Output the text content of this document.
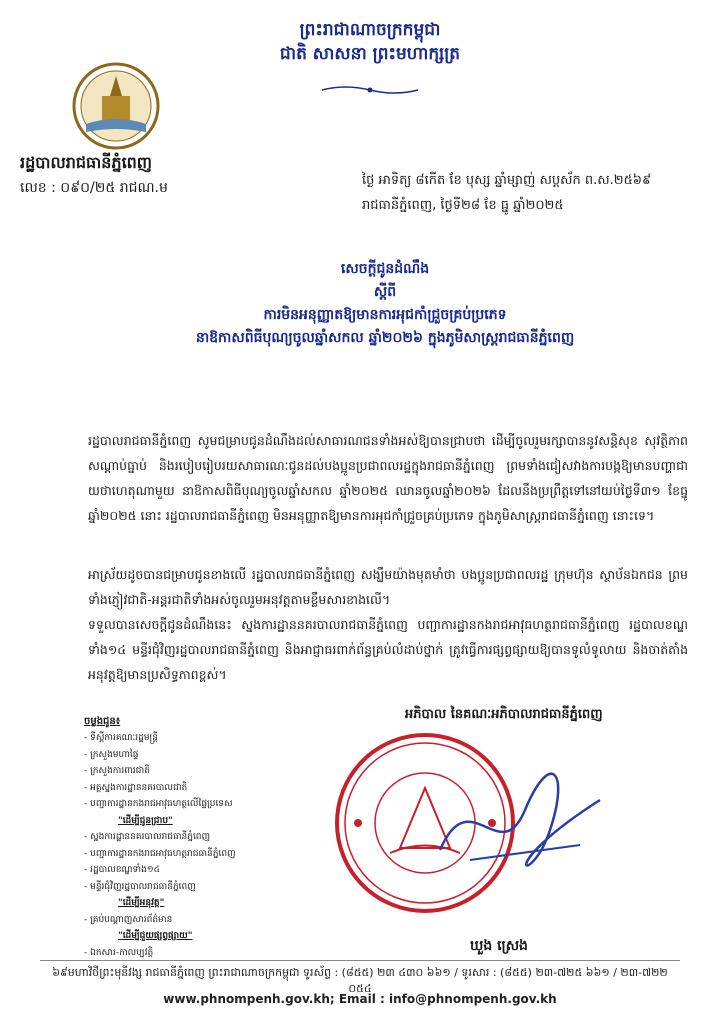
ព្រះរាជាណាចក្រកម្ពុជា
ជាតិ សាសនា ព្រះមហាក្សត្រ
រដ្ឋបាលរាជធានីភ្នំពេញ
លេខ : ០៩០/២៥ រាជណ.ម	ថ្ងៃ អាទិត្យ ៨កើត ខែ បុស្ស ឆ្នាំម្សាញ់ សប្តស័ក ព.ស.២៥៦៩
រាជធានីភ្នំពេញ, ថ្ងៃទី២៨ ខែ ធ្នូ ឆ្នាំ២០២៥
សេចក្តីជូនដំណឹង
ស្តីពី
ការមិនអនុញ្ញាតឱ្យមានការអុជកាំជ្រួចគ្រប់ប្រភេទ
នាឱកាសពិធីបុណ្យចូលឆ្នាំសកល ឆ្នាំ២០២៦ ក្នុងភូមិសាស្ត្ររាជធានីភ្នំពេញ
រដ្ឋបាលរាជធានីភ្នំពេញ សូមជម្រាបជូនដំណឹងដល់សាធារណជនទាំងអស់ឱ្យបានជ្រាបថា ដើម្បីចូលរួមរក្សាបាននូវសន្តិសុខ សុវត្ថិភាព សណ្តាប់ធ្នាប់ និងរបៀបរៀបរយសាធារណៈជូនដល់បងប្អូនប្រជាពលរដ្ឋក្នុងរាជធានីភ្នំពេញ ព្រមទាំងជៀសវាងការបង្កឱ្យមានបញ្ហាជាយថាហេតុណាមួយ នាឱកាសពិធីបុណ្យចូលឆ្នាំសកល ឆ្នាំ២០២៥ ឈានចូលឆ្នាំ២០២៦ ដែលនឹងប្រព្រឹត្តទៅនៅយប់ថ្ងៃទី៣១ ខែធ្នូ ឆ្នាំ២០២៥ នោះ រដ្ឋបាលរាជធានីភ្នំពេញ មិនអនុញ្ញាតឱ្យមានការអុជកាំជ្រួចគ្រប់ប្រភេទ ក្នុងភូមិសាស្ត្ររាជធានីភ្នំពេញ នោះទេ។
អាស្រ័យដូចបានជម្រាបជូនខាងលើ រដ្ឋបាលរាជធានីភ្នំពេញ សង្ឃឹមយ៉ាងមុតមាំថា បងប្អូនប្រជាពលរដ្ឋ ក្រុមហ៊ុន ស្ថាប័នឯកជន ព្រមទាំងភ្ញៀវជាតិ-អន្តរជាតិទាំងអស់ចូលរួមអនុវត្តតាមខ្លឹមសារខាងលើ។
ទទួលបានសេចក្តីជូនដំណឹងនេះ ស្នងការដ្ឋាននគរបាលរាជធានីភ្នំពេញ បញ្ជាការដ្ឋានកងរាជអាវុធហត្ថរាជធានីភ្នំពេញ រដ្ឋបាលខណ្ឌទាំង១៤ មន្ទីរជុំវិញរដ្ឋបាលរាជធានីភ្នំពេញ និងអាជ្ញាធរពាក់ព័ន្ធគ្រប់លំដាប់ថ្នាក់ ត្រូវធ្វើការផ្សព្វផ្សាយឱ្យបានទូលំទូលាយ និងចាត់តាំងអនុវត្តឱ្យមានប្រសិទ្ធភាពខ្ពស់។
អភិបាល នៃគណៈអភិបាលរាជធានីភ្នំពេញ
ឃួង ស្រេង
ចម្លងជូន៖
- ទីស្តីការគណៈរដ្ឋមន្ត្រី
- ក្រសួងមហាផ្ទៃ
- ក្រសួងការពារជាតិ
- អគ្គស្នងការដ្ឋាននគរបាលជាតិ
- បញ្ជាការដ្ឋានកងរាជអាវុធហត្ថលើផ្ទៃប្រទេស
"ដើម្បីជូនជ្រាប"
- ស្នងការដ្ឋាននគរបាលរាជធានីភ្នំពេញ
- បញ្ជាការដ្ឋានកងរាជអាវុធហត្ថរាជធានីភ្នំពេញ
- រដ្ឋបាលខណ្ឌទាំង១៤
- មន្ទីរជុំវិញរដ្ឋបាលរាជធានីភ្នំពេញ
"ដើម្បីអនុវត្ត"
- គ្រប់បណ្តាញសារព័ត៌មាន
"ដើម្បីជួយផ្សព្វផ្សាយ"
- ឯកសារ-កាលប្បវត្តិ
៦៩មហាវិថីព្រះមុនីវង្ស រាជធានីភ្នំពេញ ព្រះរាជាណាចក្រកម្ពុជា ទូរស័ព្ទ : (៨៥៥) ២៣ ៤៣០ ៦៦១ / ទូរសារ : (៨៥៥) ២៣-៧២៥ ៦៦១ / ២៣-៧២២ ០៥៤
www.phnompenh.gov.kh; Email : info@phnompenh.gov.kh
